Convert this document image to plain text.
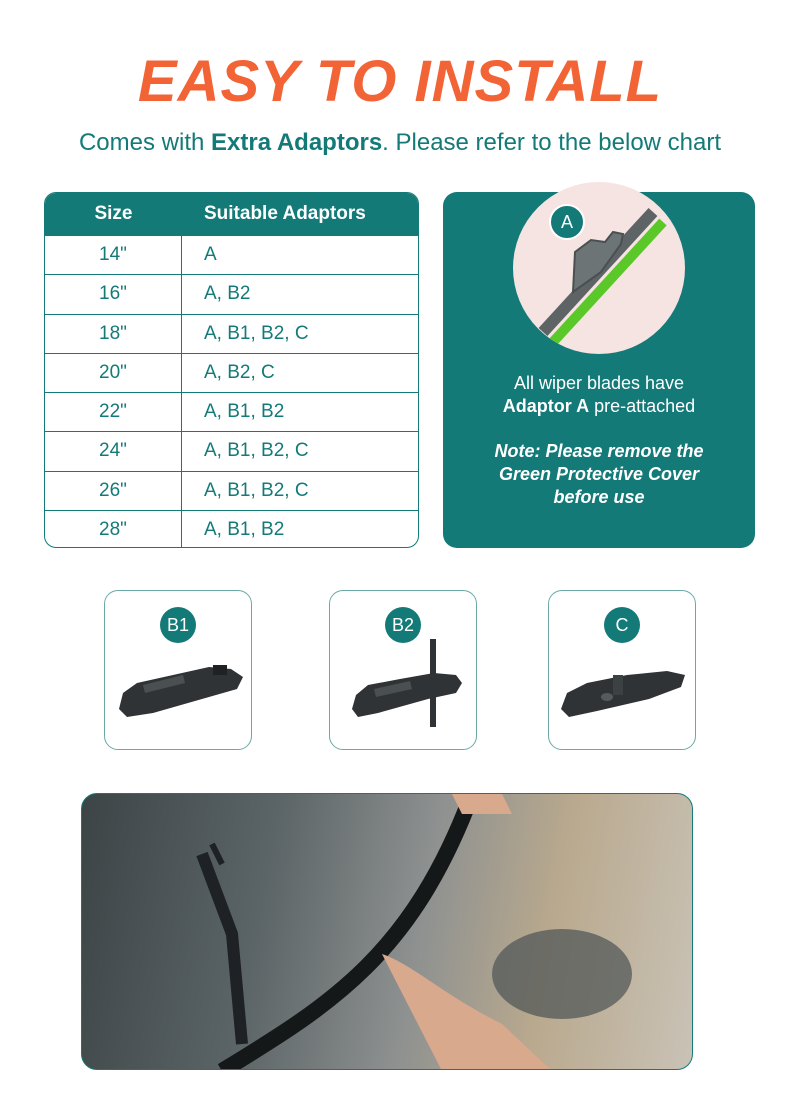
EASY TO INSTALL
Comes with Extra Adaptors. Please refer to the below chart
Size	Suitable Adaptors
14"	A
16"	A, B2
18"	A, B1, B2, C
20"	A, B2, C
22"	A, B1, B2
24"	A, B1, B2, C
26"	A, B1, B2, C
28"	A, B1, B2
A
All wiper blades have
Adaptor A pre-attached
Note: Please remove the
Green Protective Cover
before use
B1	B2	C
